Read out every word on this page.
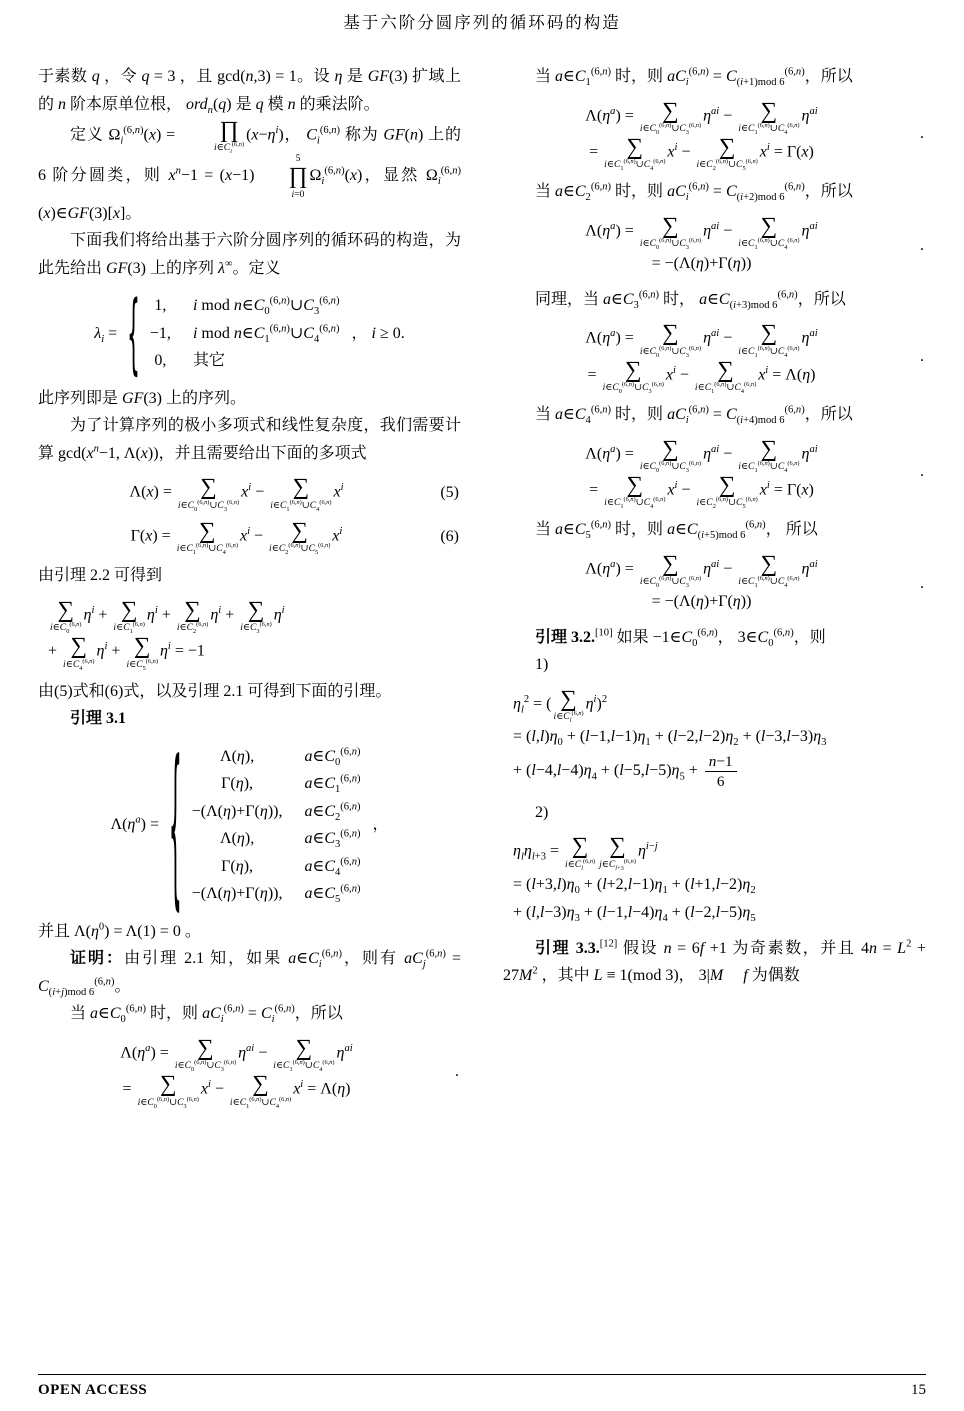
基于六阶分圆序列的循环码的构造
于素数 q ，令 q = 3 ，且 gcd(n,3) = 1。设 η 是 GF(3) 扩域上的 n 阶本原单位根， ord$_n$(q) 是 q 模 n 的乘法阶。
定义 $\Omega_i^{(6,n)}(x)$ =	∏
$i\in C_i^{(6,n)}$
$(x-\eta^i)$， $C_i^{(6,n)}$ 称为 GF(n) 上的 6 阶分圆类，则 $x^n-1 = (x-1)$
5
∏
i=0
$\Omega_i^{(6,n)}(x)$，显然 $\Omega_i^{(6,n)}(x)\in GF(3)[x]$。
下面我们将给出基于六阶分圆序列的循环码的构造，为此先给出 GF(3) 上的序列 λ∞。定义
$\lambda_i$ = { 1, i mod $n\in C_0^{(6,n)}\cup C_3^{(6,n)}$
−1, i mod $n\in C_1^{(6,n)}\cup C_4^{(6,n)}$
0, 其它
， i ≥ 0.
此序列即是 GF(3) 上的序列。
为了计算序列的极小多项式和线性复杂度，我们需要计算 $\gcd(x^n-1$, Λ(x))，并且需要给出下面的多项式
Λ(x) = ∑
$i\in C_0^{(6,n)}\cup C_3^{(6,n)}$
$x^i$ − ∑
$i\in C_1^{(6,n)}\cup C_4^{(6,n)}$
$x^i$	(5)
Γ(x) = ∑
$i\in C_1^{(6,n)}\cup C_4^{(6,n)}$
$x^i$ − ∑
$i\in C_2^{(6,n)}\cup C_5^{(6,n)}$
$x^i$	(6)
由引理 2.2 可得到
∑
$i\in C_0^{(6,n)}$
$\eta^i$ + ∑
$i\in C_1^{(6,n)}$
$\eta^i$ + ∑
$i\in C_2^{(6,n)}$
$\eta^i$ + ∑
$i\in C_3^{(6,n)}$
$\eta^i$
+ ∑
$i\in C_4^{(6,n)}$
$\eta^i$ + ∑
$i\in C_5^{(6,n)}$
$\eta^i = -1$
由(5)式和(6)式，以及引理 2.1 可得到下面的引理。
引理 3.1
$\Lambda(\eta^a)$ = {	Λ(η),	$a\in C_0^{(6,n)}$
Γ(η),	$a\in C_1^{(6,n)}$
−(Λ(η)+Γ(η)), $a\in C_2^{(6,n)}$
Λ(η),	$a\in C_3^{(6,n)}$
Γ(η),	$a\in C_4^{(6,n)}$
−(Λ(η)+Γ(η)), $a\in C_5^{(6,n)}$
，
并且 $\Lambda(\eta^0) = \Lambda(1) = 0$ 。
证明：由引理 2.1 知，如果 $a\in C_i^{(6,n)}$，则有 $aC_j^{(6,n)} = C_{(i+j)mod 6}^{(6,n)}$。
当 $a\in C_0^{(6,n)}$ 时，则 $aC_i^{(6,n)} = C_i^{(6,n)}$，所以
$\Lambda(\eta^a)$ = ∑
$i\in C_0^{(6,n)}\cup C_3^{(6,n)}$
$\eta^{ai}$ − ∑
$i\in C_1^{(6,n)}\cup C_4^{(6,n)}$
$\eta^{ai}$
= ∑
$i\in C_0^{(6,n)}\cup C_3^{(6,n)}$
$x^i$ − ∑
$i\in C_1^{(6,n)}\cup C_4^{(6,n)}$
$x^i = \Lambda(\eta)$
.
当 $a\in C_1^{(6,n)}$ 时，则 $aC_i^{(6,n)} = C_{(i+1)mod 6}^{(6,n)}$，所以
$\Lambda(\eta^a)$ = ∑
$i\in C_0^{(6,n)}\cup C_3^{(6,n)}$
$\eta^{ai}$ − ∑
$i\in C_1^{(6,n)}\cup C_4^{(6,n)}$
$\eta^{ai}$
= ∑
$i\in C_1^{(6,n)}\cup C_4^{(6,n)}$
$x^i$ − ∑
$i\in C_2^{(6,n)}\cup C_5^{(6,n)}$
$x^i = \Gamma(x)$
.
当 $a\in C_2^{(6,n)}$ 时，则 $aC_i^{(6,n)} = C_{(i+2)mod 6}^{(6,n)}$，所以
$\Lambda(\eta^a)$ = ∑
$i\in C_0^{(6,n)}\cup C_3^{(6,n)}$
$\eta^{ai}$ − ∑
$i\in C_1^{(6,n)}\cup C_4^{(6,n)}$
$\eta^{ai}$
= −(Λ(η)+Γ(η))
.
同理，当 $a\in C_3^{(6,n)}$ 时， $a\in C_{(i+3)mod 6}^{(6,n)}$，所以
$\Lambda(\eta^a)$ = ∑
$i\in C_0^{(6,n)}\cup C_3^{(6,n)}$
$\eta^{ai}$ − ∑
$i\in C_1^{(6,n)}\cup C_4^{(6,n)}$
$\eta^{ai}$
= ∑
$i\in C_0^{(6,n)}\cup C_3^{(6,n)}$
$x^i$ − ∑
$i\in C_1^{(6,n)}\cup C_4^{(6,n)}$
$x^i = \Lambda(\eta)$
.
当 $a\in C_4^{(6,n)}$ 时，则 $aC_i^{(6,n)} = C_{(i+4)mod 6}^{(6,n)}$，所以
$\Lambda(\eta^a)$ = ∑
$i\in C_0^{(6,n)}\cup C_3^{(6,n)}$
$\eta^{ai}$ − ∑
$i\in C_1^{(6,n)}\cup C_4^{(6,n)}$
$\eta^{ai}$
= ∑
$i\in C_1^{(6,n)}\cup C_4^{(6,n)}$
$x^i$ − ∑
$i\in C_2^{(6,n)}\cup C_5^{(6,n)}$
$x^i = \Gamma(x)$
.
当 $a\in C_5^{(6,n)}$ 时，则 $a\in C_{(i+5)mod 6}^{(6,n)}$， 所以
$\Lambda(\eta^a)$ = ∑
$i\in C_0^{(6,n)}\cup C_3^{(6,n)}$
$\eta^{ai}$ − ∑
$i\in C_1^{(6,n)}\cup C_4^{(6,n)}$
$\eta^{ai}$
= −(Λ(η)+Γ(η))
.
引理 3.2.[10] 如果 $-1\in C_0^{(6,n)}$， $3\in C_0^{(6,n)}$，则
1)
$\eta_l^2$ = ( ∑
$i\in C_l^{(6,n)}$
$\eta^i)^2$
= $(l,l)\eta_0 + (l-1,l-1)\eta_1 + (l-2,l-2)\eta_2 + (l-3,l-3)\eta_3$
+ $(l-4,l-4)\eta_4 + (l-5,l-5)\eta_5 + \frac{n-1}{6}$
2)
$\eta_l\eta_{l+3}$ = ∑
$i\in C_l^{(6,n)}$
∑
$j\in C_{l+3}^{(6,n)}$
$\eta^{i-j}$
= $(l+3,l)\eta_0 + (l+2,l-1)\eta_1 + (l+1,l-2)\eta_2$
+ $(l,l-3)\eta_3 + (l-1,l-4)\eta_4 + (l-2,l-5)\eta_5$
引理 3.3.[12] 假设 n = 6f +1 为奇素数，并且 $4n = L^2 + 27M^2$ ，其中 L ≡ 1(mod 3)， 3|M　 f 为偶数
OPEN ACCESS	15
